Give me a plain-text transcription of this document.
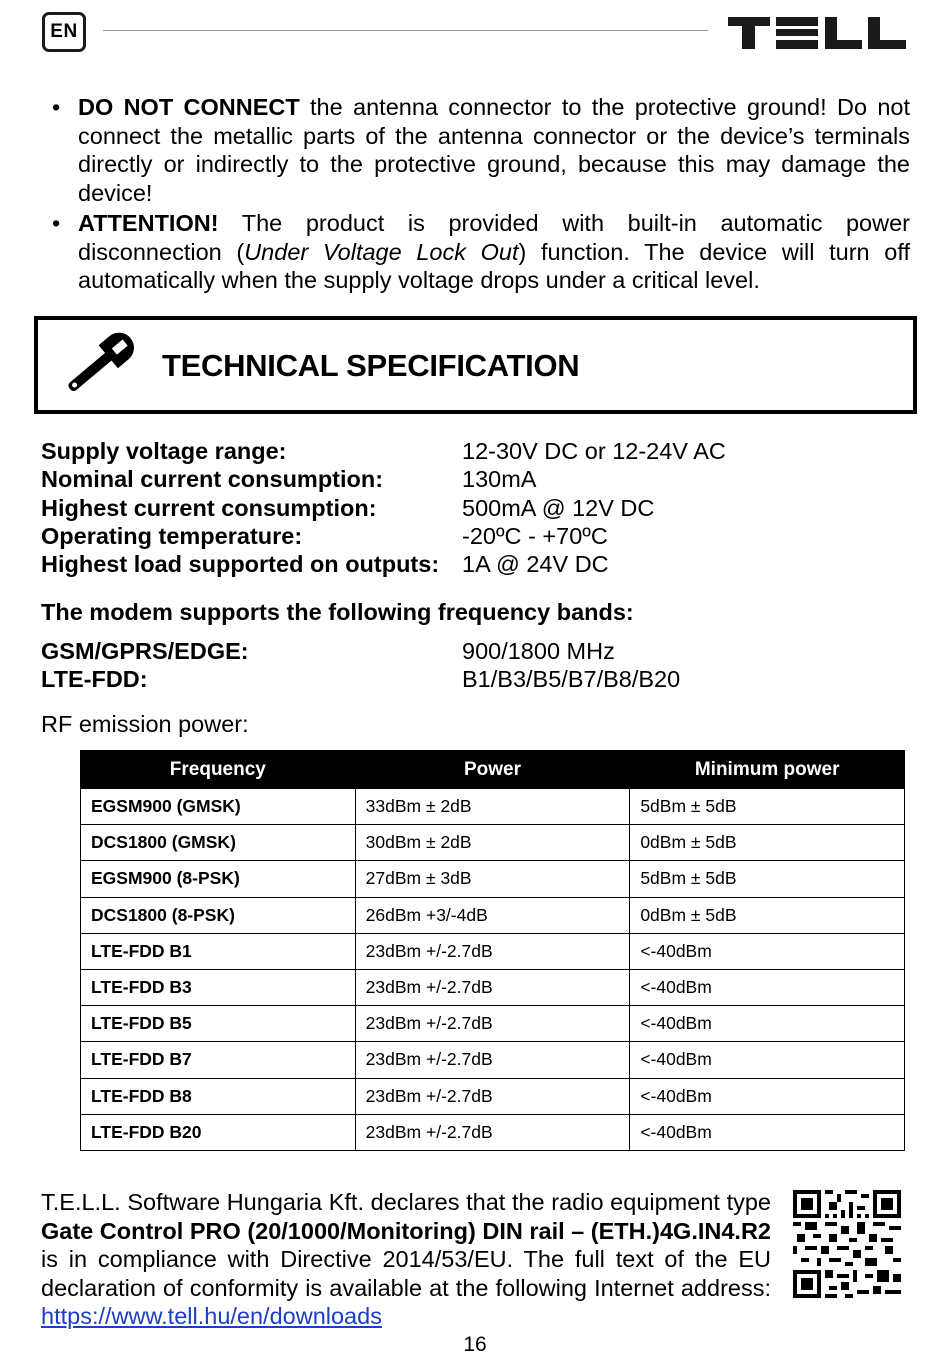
EN
• DO NOT CONNECT the antenna connector to the protective ground! Do not connect the metallic parts of the antenna connector or the device’s terminals directly or indirectly to the protective ground, because this may damage the device!
• ATTENTION! The product is provided with built-in automatic power disconnection (Under Voltage Lock Out) function. The device will turn off automatically when the supply voltage drops under a critical level.
TECHNICAL SPECIFICATION
Supply voltage range:	12-30V DC or 12-24V AC
Nominal current consumption:	130mA
Highest current consumption:	500mA @ 12V DC
Operating temperature:	-20ºC - +70ºC
Highest load supported on outputs: 1A @ 24V DC
The modem supports the following frequency bands:
GSM/GPRS/EDGE:	900/1800 MHz
LTE-FDD:	B1/B3/B5/B7/B8/B20
RF emission power:
Frequency	Power	Minimum power
EGSM900 (GMSK)	33dBm ± 2dB	5dBm ± 5dB
DCS1800 (GMSK)	30dBm ± 2dB	0dBm ± 5dB
EGSM900 (8-PSK)	27dBm ± 3dB	5dBm ± 5dB
DCS1800 (8-PSK)	26dBm +3/-4dB	0dBm ± 5dB
LTE-FDD B1	23dBm +/-2.7dB	<-40dBm
LTE-FDD B3	23dBm +/-2.7dB	<-40dBm
LTE-FDD B5	23dBm +/-2.7dB	<-40dBm
LTE-FDD B7	23dBm +/-2.7dB	<-40dBm
LTE-FDD B8	23dBm +/-2.7dB	<-40dBm
LTE-FDD B20	23dBm +/-2.7dB	<-40dBm
T.E.L.L. Software Hungaria Kft. declares that the radio equipment type Gate Control PRO (20/1000/Monitoring) DIN rail – (ETH.)4G.IN4.R2 is in compliance with Directive 2014/53/EU. The full text of the EU declaration of conformity is available at the following Internet address: https://www.tell.hu/en/downloads
16
